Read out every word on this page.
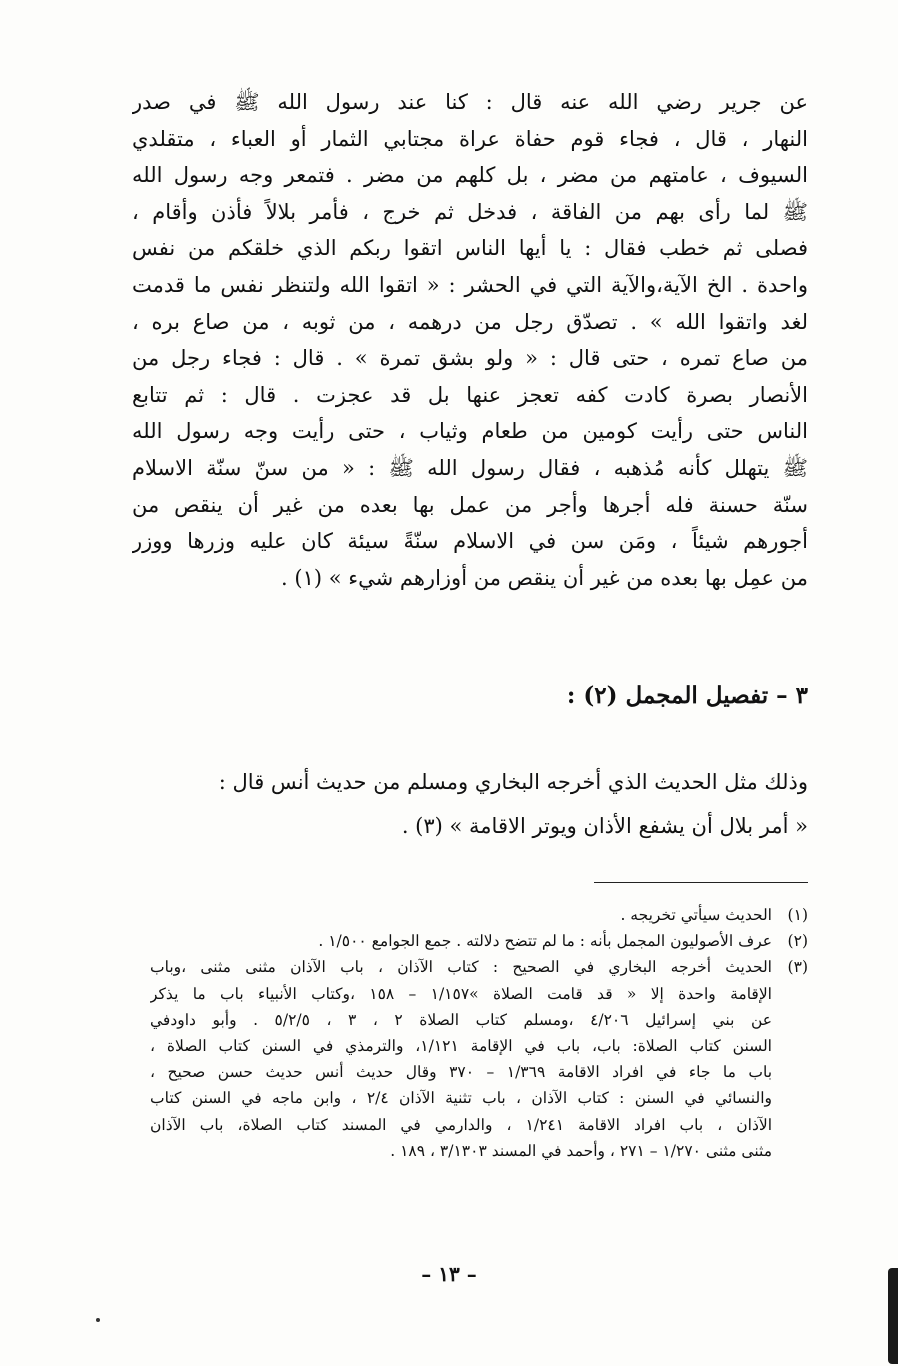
عن جرير رضي الله عنه قال : كنا عند رسول الله ﷺ في صدر
النهار ، قال ، فجاء قوم حفاة عراة مجتابي الثمار أو العباء ، متقلدي
السيوف ، عامتهم من مضر ، بل كلهم من مضر . فتمعر وجه رسول الله
ﷺ لما رأى بهم من الفاقة ، فدخل ثم خرج ، فأمر بلالاً فأذن وأقام ،
فصلى ثم خطب فقال : يا أيها الناس اتقوا ربكم الذي خلقكم من نفس
واحدة . الخ الآية،والآية التي في الحشر : « اتقوا الله ولتنظر نفس ما قدمت
لغد واتقوا الله » . تصدّق رجل من درهمه ، من ثوبه ، من صاع بره ،
من صاع تمره ، حتى قال : « ولو بشق تمرة » . قال : فجاء رجل من
الأنصار بصرة كادت كفه تعجز عنها بل قد عجزت . قال : ثم تتابع
الناس حتى رأيت كومين من طعام وثياب ، حتى رأيت وجه رسول الله
ﷺ يتهلل كأنه مُذهبه ، فقال رسول الله ﷺ : « من سنّ سنّة الاسلام
سنّة حسنة فله أجرها وأجر من عمل بها بعده من غير أن ينقص من
أجورهم شيئاً ، ومَن سن في الاسلام سنّةً سيئة كان عليه وزرها ووزر
من عمِل بها بعده من غير أن ينقص من أوزارهم شيء » (١) .
٣ – تفصيل المجمل (٢) :
وذلك مثل الحديث الذي أخرجه البخاري ومسلم من حديث أنس قال :
« أمر بلال أن يشفع الأذان ويوتر الاقامة » (٣) .
(١)
الحديث سيأتي تخريجه .
(٢)
عرف الأصوليون المجمل بأنه : ما لم تتضح دلالته . جمع الجوامع ١/٥٠٠ .
(٣)
الحديث أخرجه البخاري في الصحيح : كتاب الآذان ، باب الآذان مثنى مثنى ،وباب
الإقامة واحدة إلا « قد قامت الصلاة »١/١٥٧ – ١٥٨ ،وكتاب الأنبياء باب ما يذكر
عن بني إسرائيل ٤/٢٠٦ ،ومسلم كتاب الصلاة ٢ ، ٣ ، ٥/٢/٥ . وأبو داودفي
السنن كتاب الصلاة: باب، باب في الإقامة ١/١٢١، والترمذي في السنن كتاب الصلاة ،
باب ما جاء في افراد الاقامة ١/٣٦٩ – ٣٧٠ وقال حديث أنس حديث حسن صحيح ،
والنسائي في السنن : كتاب الآذان ، باب تثنية الآذان ٢/٤ ، وابن ماجه في السنن كتاب
الآذان ، باب افراد الاقامة ١/٢٤١ ، والدارمي في المسند كتاب الصلاة، باب الآذان
مثنى مثنى ١/٢٧٠ – ٢٧١ ، وأحمد في المسند ٣/١٣٠٣ ، ١٨٩ .
– ١٣ –
